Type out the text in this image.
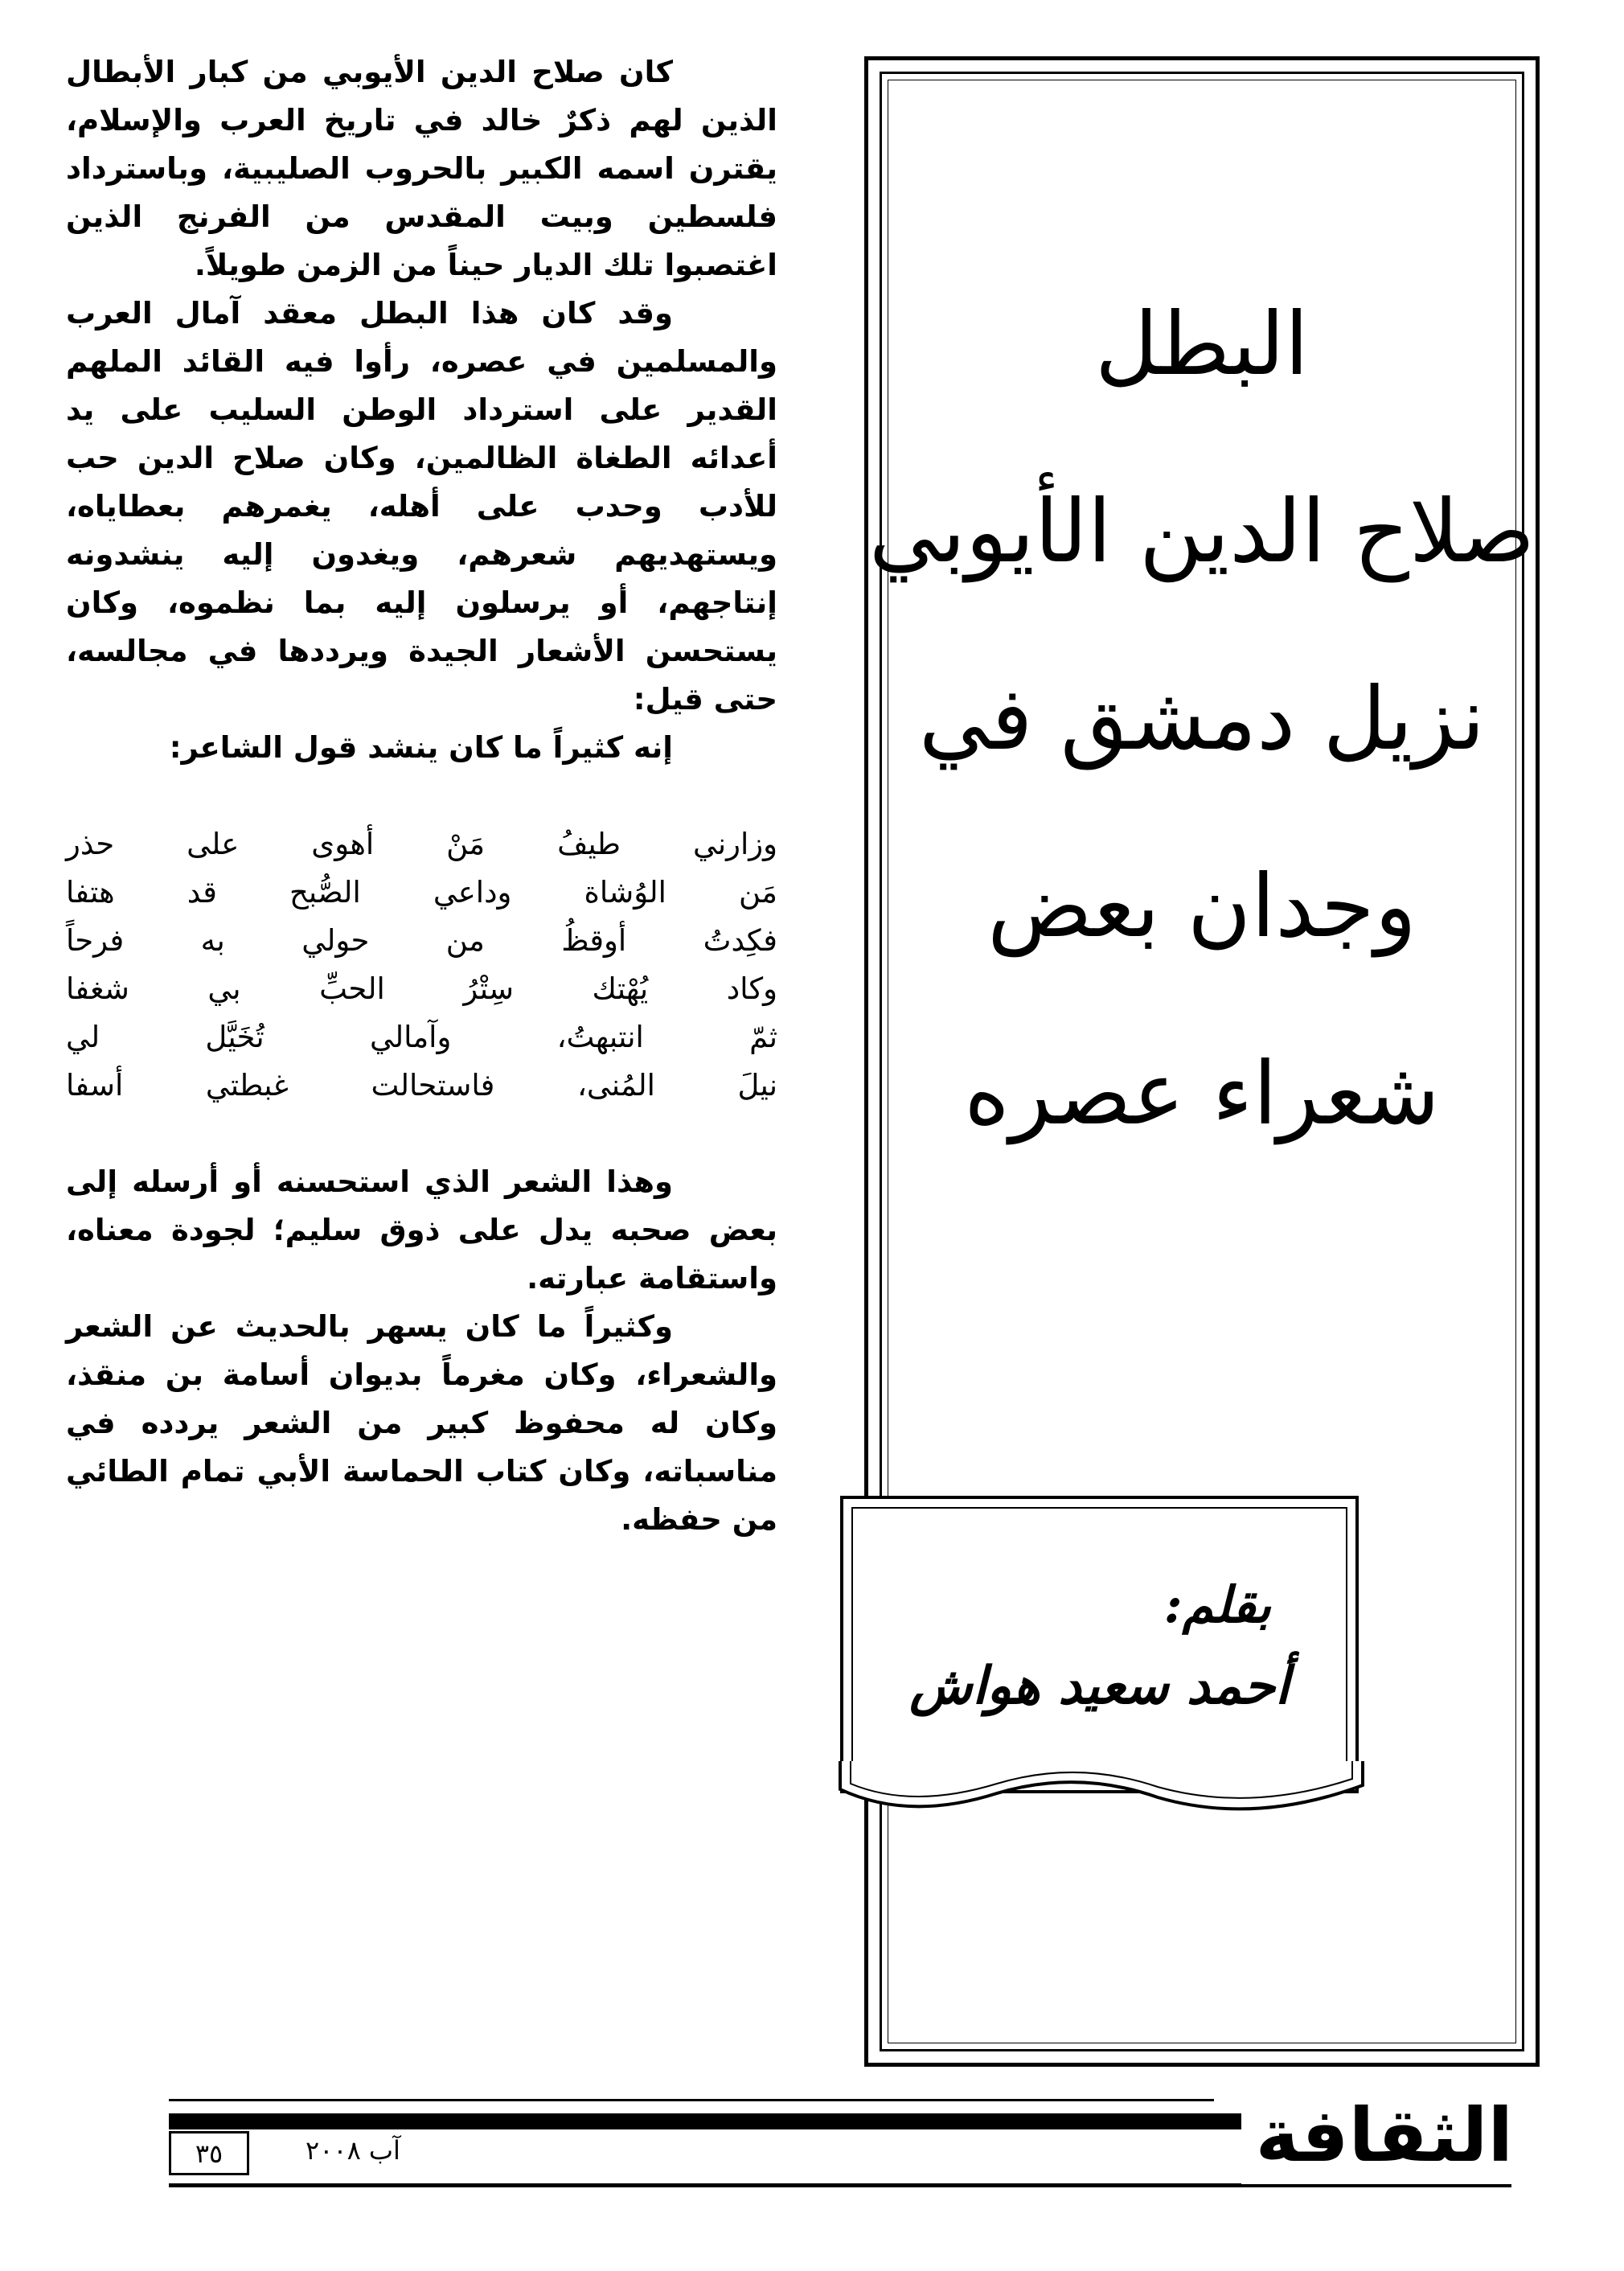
البطل
صلاح الدين الأيوبي
نزيل دمشق في
وجدان بعض
شعراء عصره
بقلم:
أحمد سعيد هواش

كان صلاح الدين الأيوبي من كبار الأبطال الذين لهم ذكرٌ خالد في تاريخ العرب والإسلام، يقترن اسمه الكبير بالحروب الصليبية، وباسترداد فلسطين وبيت المقدس من الفرنج الذين اغتصبوا تلك الديار حيناً من الزمن طويلاً.

وقد كان هذا البطل معقد آمال العرب والمسلمين في عصره، رأوا فيه القائد الملهم القدير على استرداد الوطن السليب على يد أعدائه الطغاة الظالمين، وكان صلاح الدين حب للأدب وحدب على أهله، يغمرهم بعطاياه، ويستهديهم شعرهم، ويغدون إليه ينشدونه إنتاجهم، أو يرسلون إليه بما نظموه، وكان يستحسن الأشعار الجيدة ويرددها في مجالسه، حتى قيل:

إنه كثيراً ما كان ينشد قول الشاعر:

وزارني طيفُ مَنْ أهوى على حذر
مَن الوُشاة وداعي الصُّبح قد هتفا
فكِدتُ أوقظُ من حولي به فرحاً
وكاد يُهْتك سِتْرُ الحبِّ بي شغفا
ثمّ انتبهتُ، وآمالي تُخَيَّل لي
نيلَ المُنى، فاستحالت غبطتي أسفا

وهذا الشعر الذي استحسنه أو أرسله إلى بعض صحبه يدل على ذوق سليم؛ لجودة معناه، واستقامة عبارته.

وكثيراً ما كان يسهر بالحديث عن الشعر والشعراء، وكان مغرماً بديوان أسامة بن منقذ، وكان له محفوظ كبير من الشعر يردده في مناسباته، وكان كتاب الحماسة الأبي تمام الطائي من حفظه.

الثقافة
آب ٢٠٠٨
٣٥
